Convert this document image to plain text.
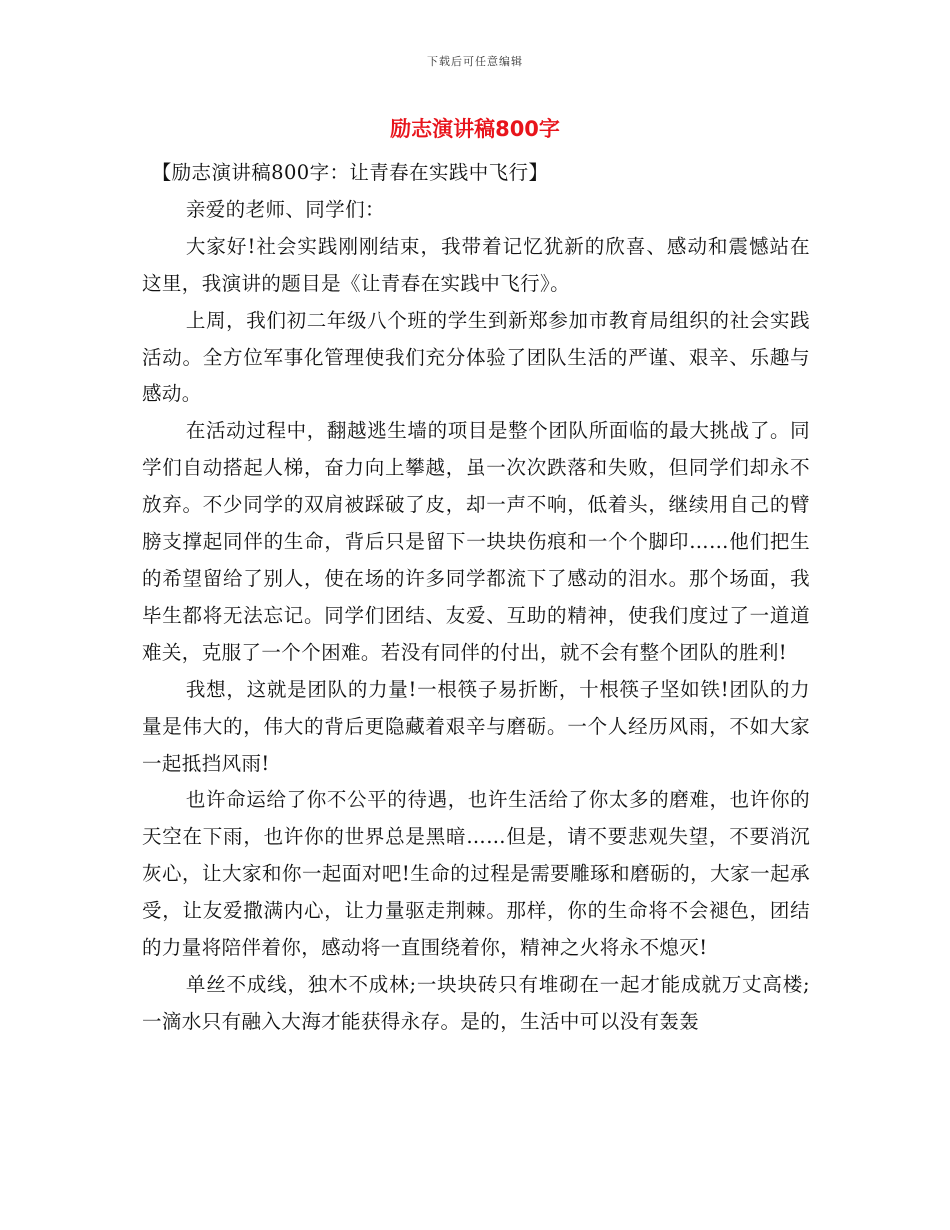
下载后可任意编辑
励志演讲稿800字

【励志演讲稿800字：让青春在实践中飞行】

亲爱的老师、同学们：

大家好!社会实践刚刚结束，我带着记忆犹新的欣喜、感动和震憾站在这里，我演讲的题目是《让青春在实践中飞行》。

上周，我们初二年级八个班的学生到新郑参加市教育局组织的社会实践活动。全方位军事化管理使我们充分体验了团队生活的严谨、艰辛、乐趣与感动。

在活动过程中，翻越逃生墙的项目是整个团队所面临的最大挑战了。同学们自动搭起人梯，奋力向上攀越，虽一次次跌落和失败，但同学们却永不放弃。不少同学的双肩被踩破了皮，却一声不响，低着头，继续用自己的臂膀支撑起同伴的生命，背后只是留下一块块伤痕和一个个脚印……他们把生的希望留给了别人，使在场的许多同学都流下了感动的泪水。那个场面，我毕生都将无法忘记。同学们团结、友爱、互助的精神，使我们度过了一道道难关，克服了一个个困难。若没有同伴的付出，就不会有整个团队的胜利!

我想，这就是团队的力量!一根筷子易折断，十根筷子坚如铁!团队的力量是伟大的，伟大的背后更隐藏着艰辛与磨砺。一个人经历风雨，不如大家一起抵挡风雨!

也许命运给了你不公平的待遇，也许生活给了你太多的磨难，也许你的天空在下雨，也许你的世界总是黑暗……但是，请不要悲观失望，不要消沉灰心，让大家和你一起面对吧!生命的过程是需要雕琢和磨砺的，大家一起承受，让友爱撒满内心，让力量驱走荆棘。那样，你的生命将不会褪色，团结的力量将陪伴着你，感动将一直围绕着你，精神之火将永不熄灭!

单丝不成线，独木不成林;一块块砖只有堆砌在一起才能成就万丈高楼;一滴水只有融入大海才能获得永存。是的，生活中可以没有轰轰
